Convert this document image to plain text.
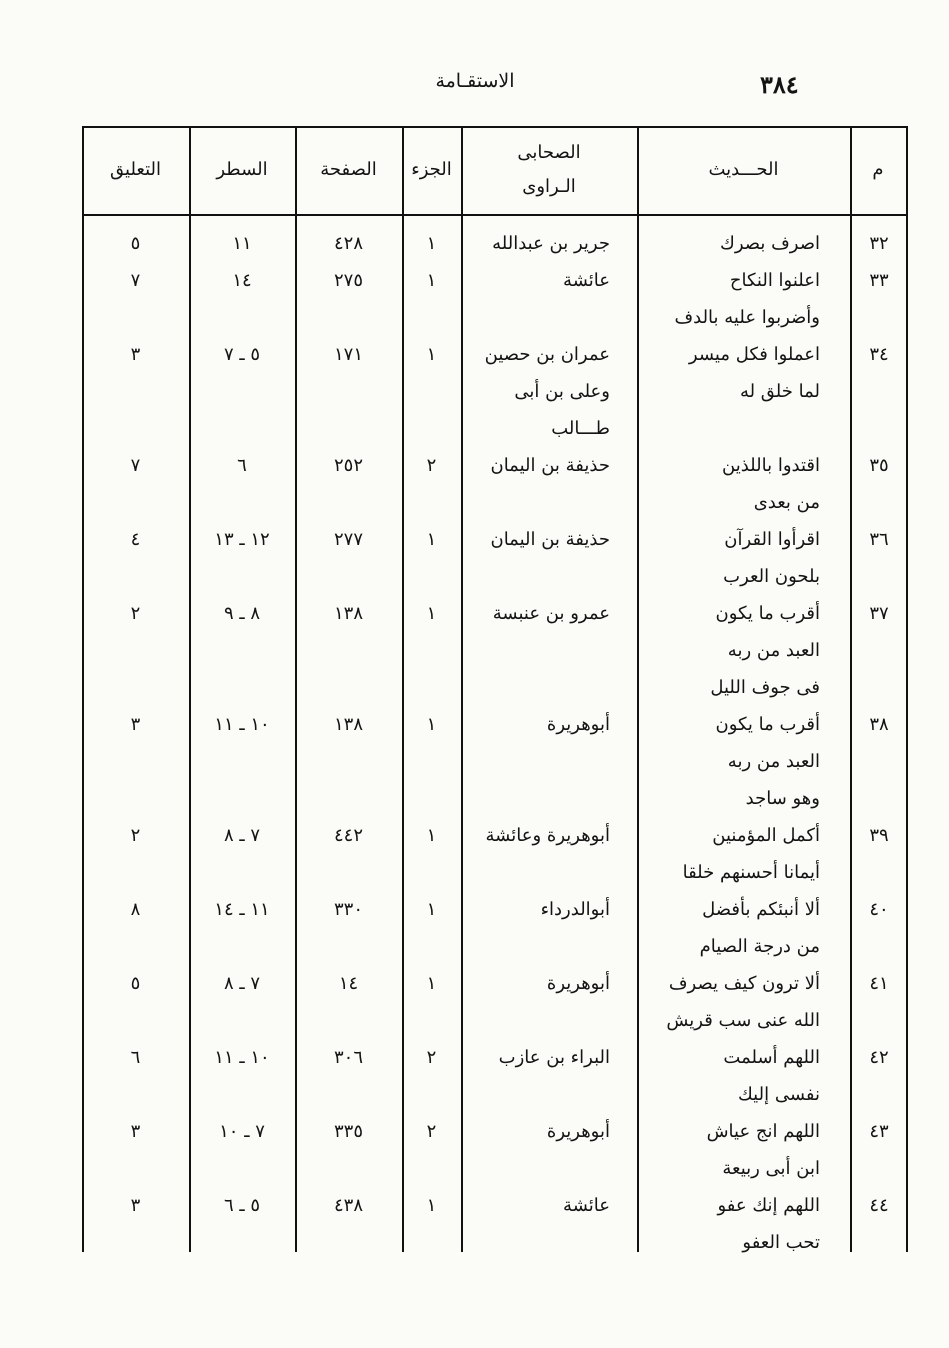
٣٨٤
الاستقـامة
م
الحـــديث
الصحابى
الـراوى
الجزء
الصفحة
السطر
التعليق
٣٢
اصرف بصرك
جرير بن عبدالله
١
٤٢٨
١١
٥
٣٣
اعلنوا النكاح
وأضربوا عليه بالدف
عائشة
١
٢٧٥
١٤
٧
٣٤
اعملوا فكل ميسر
لما خلق له
عمران بن حصين
وعلى بن أبى
طـــالب
١
١٧١
٥ ـ ٧
٣
٣٥
اقتدوا باللذين
من بعدى
حذيفة بن اليمان
٢
٢٥٢
٦
٧
٣٦
اقرأوا القرآن
بلحون العرب
حذيفة بن اليمان
١
٢٧٧
١٢ ـ ١٣
٤
٣٧
أقرب ما يكون
العبد من ربه
فى جوف الليل
عمرو بن عنبسة
١
١٣٨
٨ ـ ٩
٢
٣٨
أقرب ما يكون
العبد من ربه
وهو ساجد
أبوهريرة
١
١٣٨
١٠ ـ ١١
٣
٣٩
أكمل المؤمنين
أيمانا أحسنهم خلقا
أبوهريرة وعائشة
١
٤٤٢
٧ ـ ٨
٢
٤٠
ألا أنبئكم بأفضل
من درجة الصيام
أبوالدرداء
١
٣٣٠
١١ ـ ١٤
٨
٤١
ألا ترون كيف يصرف
الله عنى سب قريش
أبوهريرة
١
١٤
٧ ـ ٨
٥
٤٢
اللهم أسلمت
نفسى إليك
البراء بن عازب
٢
٣٠٦
١٠ ـ ١١
٦
٤٣
اللهم انج عياش
ابن أبى ربيعة
أبوهريرة
٢
٣٣٥
٧ ـ ١٠
٣
٤٤
اللهم إنك عفو
تحب العفو
عائشة
١
٤٣٨
٥ ـ ٦
٣
